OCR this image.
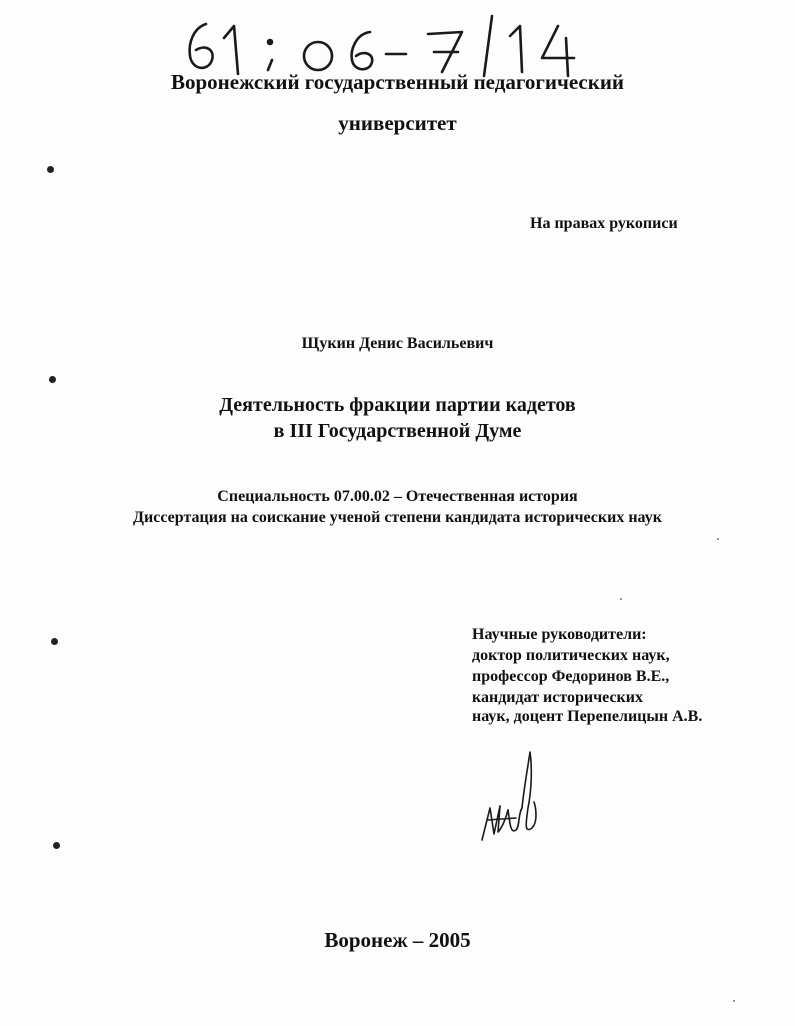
Воронежский государственный педагогический
университет
На правах рукописи
Щукин Денис Васильевич
Деятельность фракции партии кадетов
в III Государственной Думе
Специальность 07.00.02 – Отечественная история
Диссертация на соискание ученой степени кандидата исторических наук
Научные руководители:
доктор политических наук,
профессор Федоринов В.Е.,
кандидат исторических
наук, доцент Перепелицын А.В.
Воронеж – 2005
